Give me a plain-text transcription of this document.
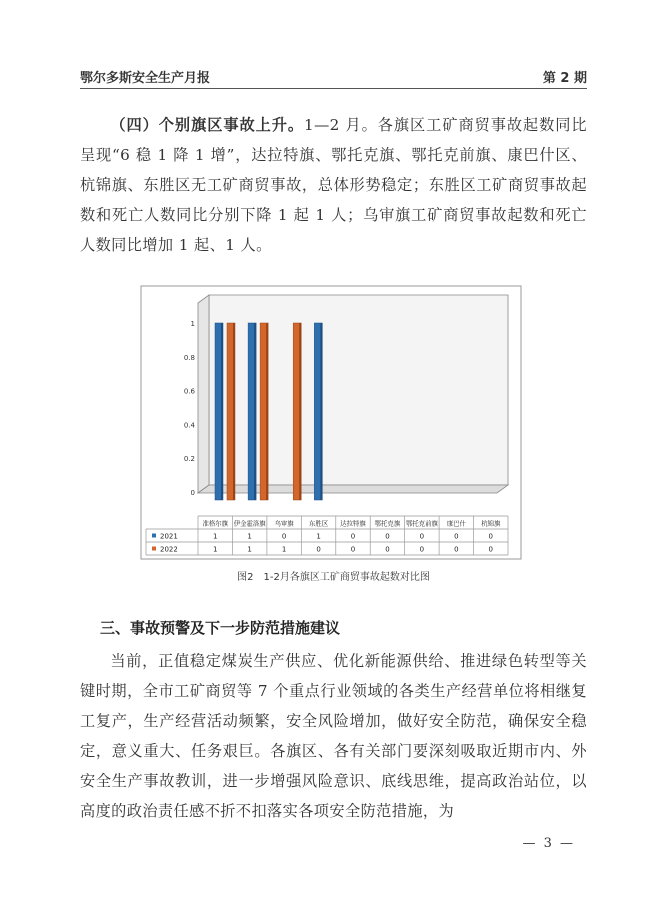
鄂尔多斯安全生产月报	第 2 期

（四）个别旗区事故上升。1—2 月。各旗区工矿商贸事故起数同比呈现“6 稳 1 降 1 增”，达拉特旗、鄂托克旗、鄂托克前旗、康巴什区、杭锦旗、东胜区无工矿商贸事故，总体形势稳定；东胜区工矿商贸事故起数和死亡人数同比分别下降 1 起 1 人；乌审旗工矿商贸事故起数和死亡人数同比增加 1 起、1 人。

0
0.2
0.4
0.6
0.8
1
准格尔旗 伊金霍洛旗 乌审旗 东胜区 达拉特旗 鄂托克旗 鄂托克前旗 康巴什 杭锦旗
2021	1	1	0	1	0	0	0	0	0
2022	1	1	1	0	0	0	0	0	0
图2　1-2月各旗区工矿商贸事故起数对比图
三、事故预警及下一步防范措施建议

当前，正值稳定煤炭生产供应、优化新能源供给、推进绿色转型等关键时期，全市工矿商贸等 7 个重点行业领域的各类生产经营单位将相继复工复产，生产经营活动频繁，安全风险增加，做好安全防范，确保安全稳定，意义重大、任务艰巨。各旗区、各有关部门要深刻吸取近期市内、外安全生产事故教训，进一步增强风险意识、底线思维，提高政治站位，以高度的政治责任感不折不扣落实各项安全防范措施，为

— 3 —
